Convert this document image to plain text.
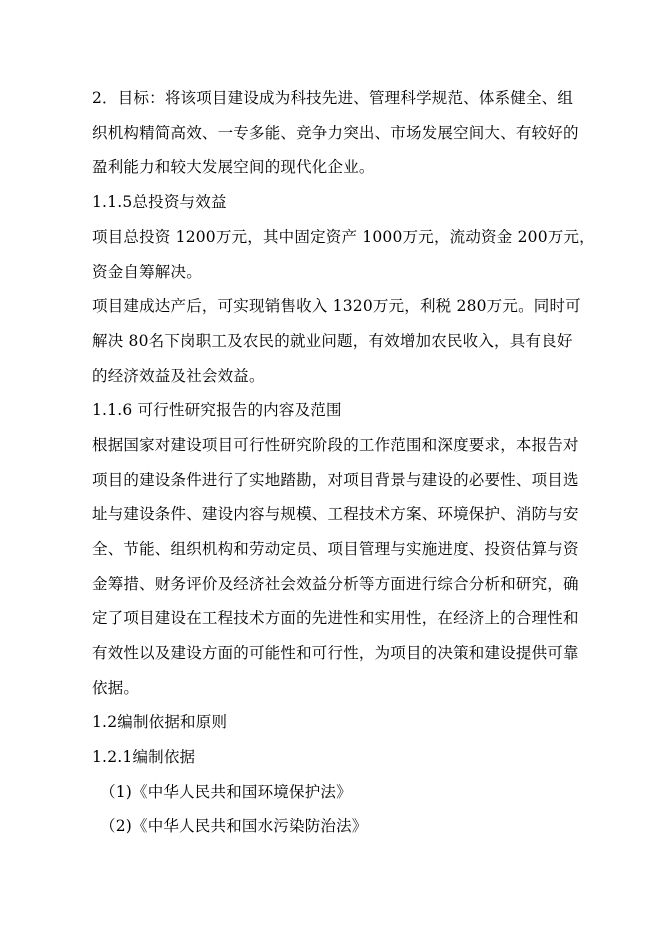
2．目标：将该项目建设成为科技先进、管理科学规范、体系健全、组
织机构精简高效、一专多能、竞争力突出、市场发展空间大、有较好的
盈利能力和较大发展空间的现代化企业。
1.1.5总投资与效益
项目总投资 1200万元，其中固定资产 1000万元，流动资金 200万元，
资金自筹解决。
项目建成达产后，可实现销售收入 1320万元，利税 280万元。同时可
解决 80名下岗职工及农民的就业问题，有效增加农民收入，具有良好
的经济效益及社会效益。
1.1.6 可行性研究报告的内容及范围
根据国家对建设项目可行性研究阶段的工作范围和深度要求，本报告对
项目的建设条件进行了实地踏勘，对项目背景与建设的必要性、项目选
址与建设条件、建设内容与规模、工程技术方案、环境保护、消防与安
全、节能、组织机构和劳动定员、项目管理与实施进度、投资估算与资
金筹措、财务评价及经济社会效益分析等方面进行综合分析和研究，确
定了项目建设在工程技术方面的先进性和实用性，在经济上的合理性和
有效性以及建设方面的可能性和可行性，为项目的决策和建设提供可靠
依据。
1.2编制依据和原则
1.2.1编制依据
（1)《中华人民共和国环境保护法》
（2)《中华人民共和国水污染防治法》
